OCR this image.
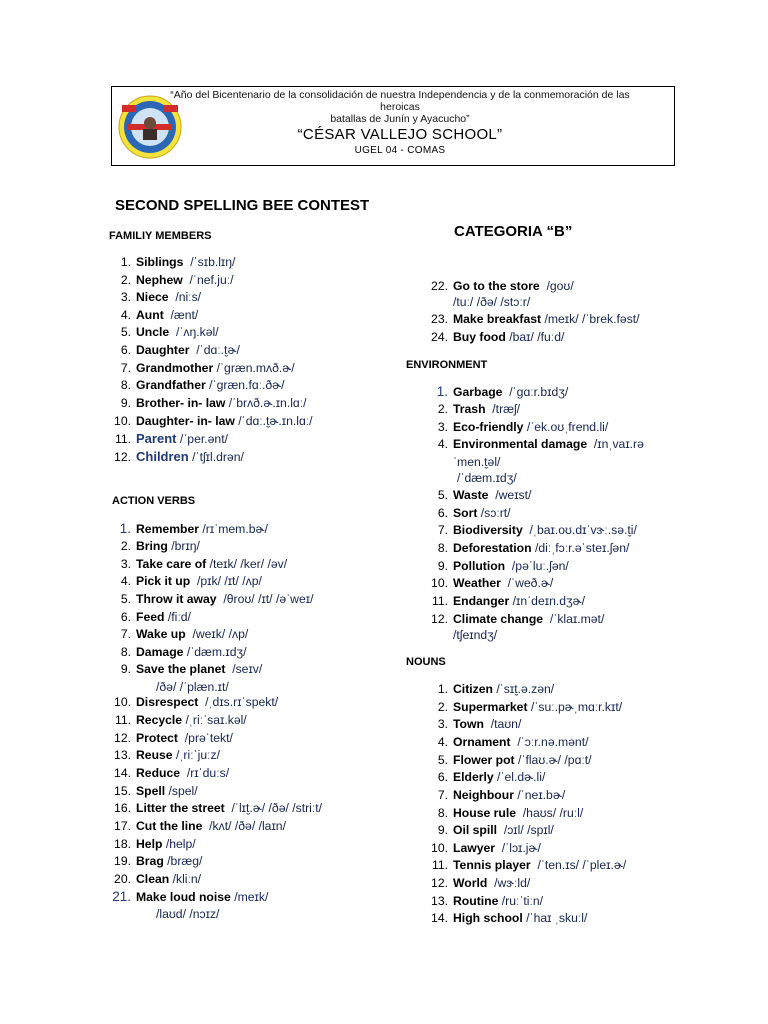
“Año del Bicentenario de la consolidación de nuestra Independencia y de la conmemoración de las
heroicas
batallas de Junín y Ayacucho”
“CÉSAR VALLEJO SCHOOL”
UGEL 04 - COMAS
SECOND SPELLING BEE CONTEST
CATEGORIA “B”
FAMILIY MEMBERS
1. Siblings /ˈsɪb.lɪŋ/
2. Nephew /ˈnef.juː/
3. Niece /niːs/
4. Aunt /ænt/
5. Uncle /ˈʌŋ.kəl/
6. Daughter /ˈdɑː.t̬ɚ/
7. Grandmother /ˈɡræn.mʌð.ɚ/
8. Grandfather /ˈɡræn.fɑː.ðɚ/
9. Brother- in- law /ˈbrʌð.ɚ.ɪn.lɑː/
10. Daughter- in- law /ˈdɑː.t̬ɚ.ɪn.lɑː/
11. Parent /ˈper.ənt/
12. Children /ˈtʃɪl.drən/
ACTION VERBS
1. Remember /rɪˈmem.bɚ/
2. Bring /brɪŋ/
3. Take care of /teɪk/ /ker/ /əv/
4. Pick it up /pɪk/ /ɪt/ /ʌp/
5. Throw it away /θroʊ/ /ɪt/ /əˈweɪ/
6. Feed /fiːd/
7. Wake up /weɪk/ /ʌp/
8. Damage /ˈdæm.ɪdʒ/
9. Save the planet /seɪv/
/ðə/ /ˈplæn.ɪt/
10. Disrespect /ˌdɪs.rɪˈspekt/
11. Recycle /ˌriːˈsaɪ.kəl/
12. Protect /prəˈtekt/
13. Reuse /ˌriːˈjuːz/
14. Reduce /rɪˈduːs/
15. Spell /spel/
16. Litter the street /ˈlɪt̬.ɚ/ /ðə/ /striːt/
17. Cut the line /kʌt/ /ðə/ /laɪn/
18. Help /help/
19. Brag /bræɡ/
20. Clean /kliːn/
21. Make loud noise /meɪk/
/laʊd/ /nɔɪz/
22. Go to the store /ɡoʊ/
/tuː/ /ðə/ /stɔːr/
23. Make breakfast /meɪk/ /ˈbrek.fəst/
24. Buy food /baɪ/ /fuːd/
ENVIRONMENT
1. Garbage /ˈɡɑːr.bɪdʒ/
2. Trash /træʃ/
3. Eco-friendly /ˈek.oʊˌfrend.li/
4. Environmental damage /ɪnˌvaɪ.rə
ˈmen.t̬əl/
/ˈdæm.ɪdʒ/
5. Waste /weɪst/
6. Sort /sɔːrt/
7. Biodiversity /ˌbaɪ.oʊ.dɪˈvɝː.sə.t̬i/
8. Deforestation /diːˌfɔːr.əˈsteɪ.ʃən/
9. Pollution /pəˈluː.ʃən/
10. Weather /ˈweð.ɚ/
11. Endanger /ɪnˈdeɪn.dʒɚ/
12. Climate change /ˈklaɪ.mət/
/tʃeɪndʒ/
NOUNS
1. Citizen /ˈsɪt̬.ə.zən/
2. Supermarket /ˈsuː.pɚˌmɑːr.kɪt/
3. Town /taʊn/
4. Ornament /ˈɔːr.nə.mənt/
5. Flower pot /ˈflaʊ.ɚ/ /pɑːt/
6. Elderly /ˈel.dɚ.li/
7. Neighbour /ˈneɪ.bɚ/
8. House rule /haʊs/ /ruːl/
9. Oil spill /ɔɪl/ /spɪl/
10. Lawyer /ˈlɔɪ.jɚ/
11. Tennis player /ˈten.ɪs/ /ˈpleɪ.ɚ/
12. World /wɝːld/
13. Routine /ruːˈtiːn/
14. High school /ˈhaɪ ˌskuːl/
